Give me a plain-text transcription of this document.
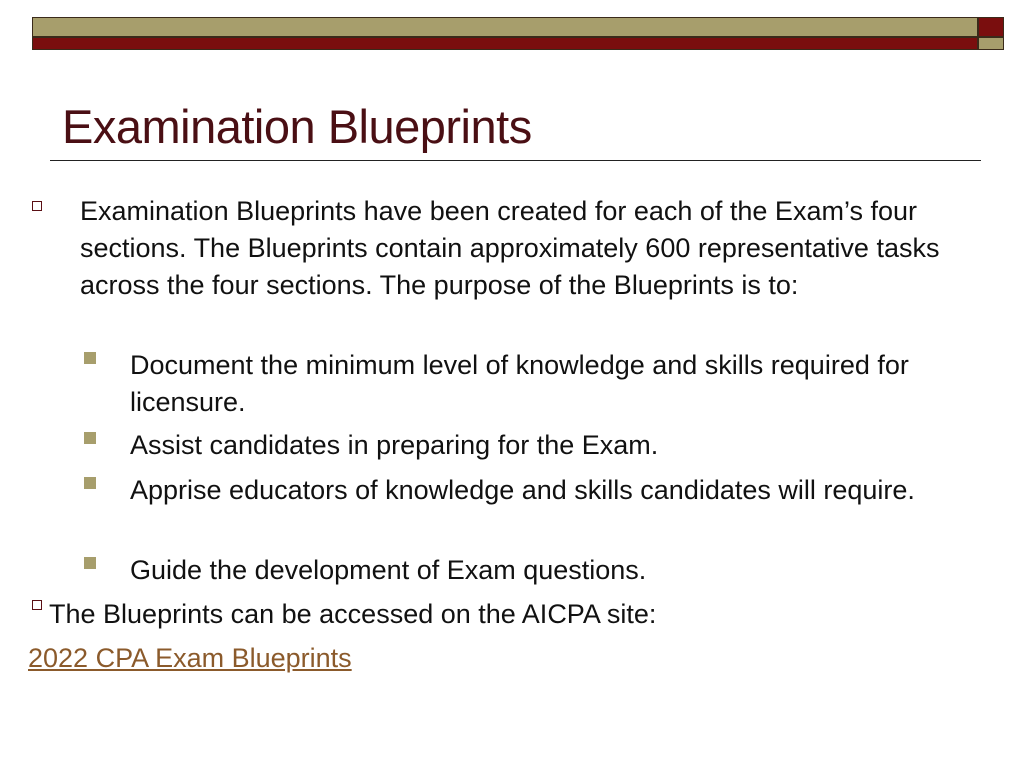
Examination Blueprints

Examination Blueprints have been created for each of the Exam’s four sections. The Blueprints contain approximately 600 representative tasks across the four sections. The purpose of the Blueprints is to:

Document the minimum level of knowledge and skills required for licensure.

Assist candidates in preparing for the Exam.

Apprise educators of knowledge and skills candidates will require.

Guide the development of Exam questions.

The Blueprints can be accessed on the AICPA site:

2022 CPA Exam Blueprints
